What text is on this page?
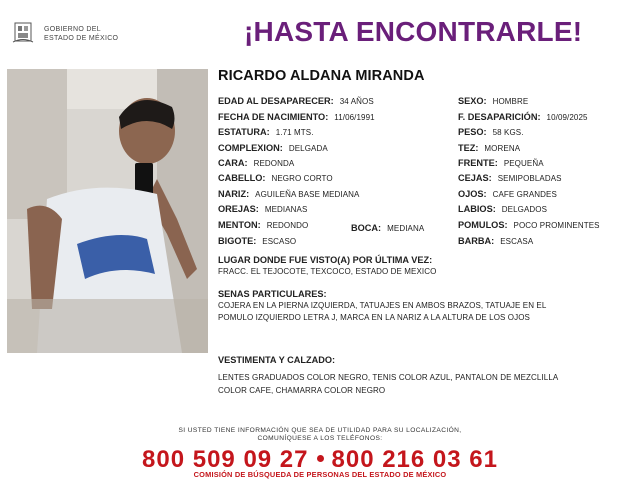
GOBIERNO DEL
ESTADO DE MÉXICO	¡HASTA ENCONTRARLE!
RICARDO ALDANA MIRANDA
EDAD AL DESAPARECER: 34 AÑOS
FECHA DE NACIMIENTO: 11/06/1991
ESTATURA: 1.71 MTS.
COMPLEXION: DELGADA
CARA: REDONDA
CABELLO: NEGRO CORTO
NARIZ: AGUILEÑA BASE MEDIANA
OREJAS: MEDIANAS
MENTON: REDONDO
BIGOTE: ESCASO
BOCA: MEDIANA
SEXO: HOMBRE
F. DESAPARICIÓN: 10/09/2025
PESO: 58 KGS.
TEZ: MORENA
FRENTE: PEQUEÑA
CEJAS: SEMIPOBLADAS
OJOS: CAFE GRANDES
LABIOS: DELGADOS
POMULOS: POCO PROMINENTES
BARBA: ESCASA
LUGAR DONDE FUE VISTO(A) POR ÚLTIMA VEZ:
FRACC. EL TEJOCOTE, TEXCOCO, ESTADO DE MEXICO
SENAS PARTICULARES:
COJERA EN LA PIERNA IZQUIERDA, TATUAJES EN AMBOS BRAZOS, TATUAJE EN EL
POMULO IZQUIERDO LETRA J, MARCA EN LA NARIZ A LA ALTURA DE LOS OJOS
VESTIMENTA Y CALZADO:
LENTES GRADUADOS COLOR NEGRO, TENIS COLOR AZUL, PANTALON DE MEZCLILLA
COLOR CAFE, CHAMARRA COLOR NEGRO
SI USTED TIENE INFORMACIÓN QUE SEA DE UTILIDAD PARA SU LOCALIZACIÓN,
COMUNÍQUESE A LOS TELÉFONOS:
800 509 09 27 800 216 03 61
COMISIÓN DE BÚSQUEDA DE PERSONAS DEL ESTADO DE MÉXICO
